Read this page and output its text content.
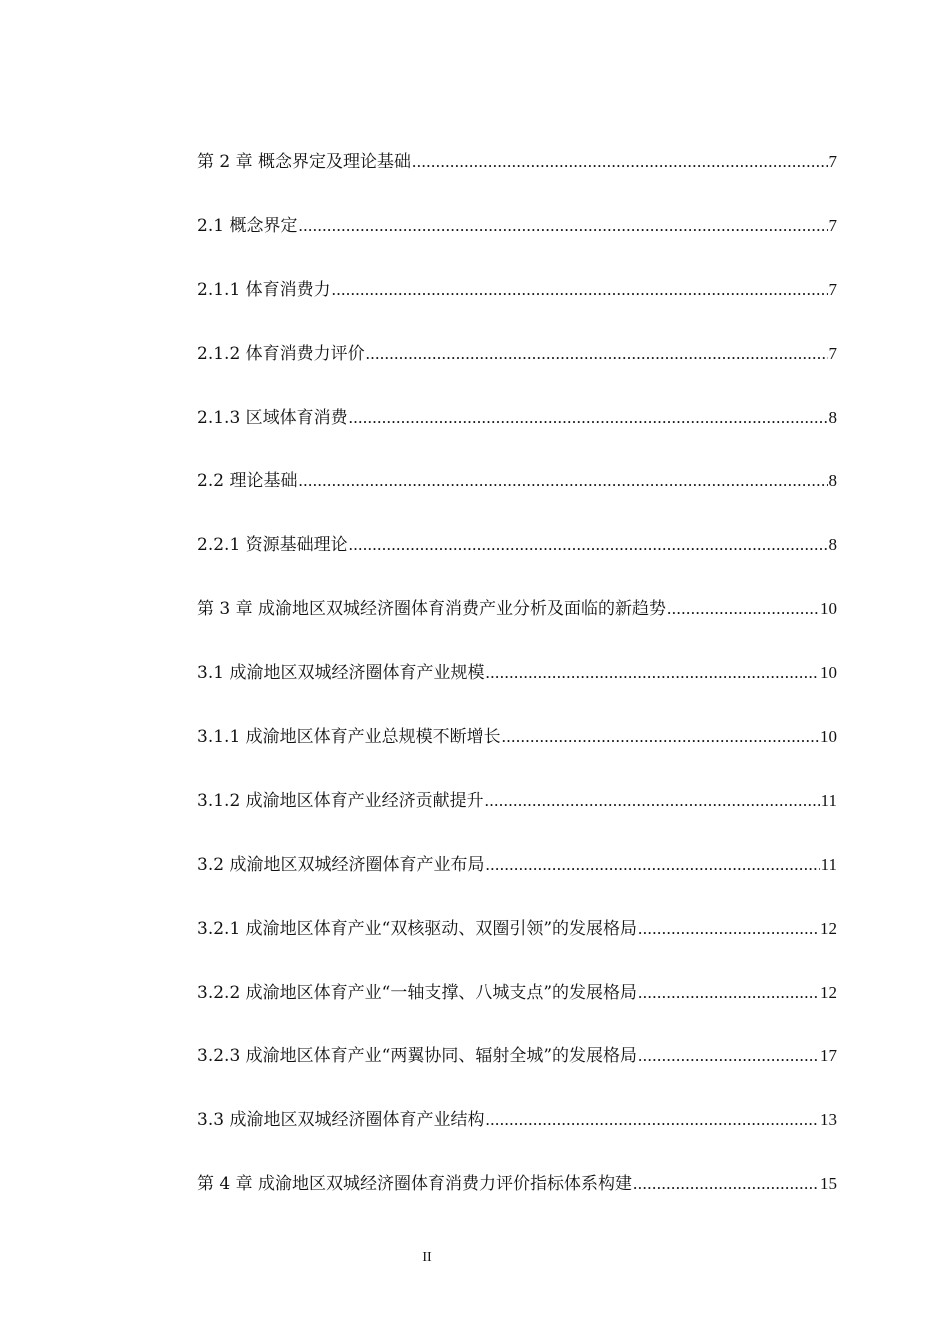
第 2 章 概念界定及理论基础 .....	7
2.1 概念界定 .....	7
2.1.1 体育消费力 .....	7
2.1.2 体育消费力评价 .....	7
2.1.3 区域体育消费 .....	8
2.2 理论基础 .....	8
2.2.1 资源基础理论 .....	8
第 3 章 成渝地区双城经济圈体育消费产业分析及面临的新趋势 .....	10
3.1 成渝地区双城经济圈体育产业规模 .....	10
3.1.1 成渝地区体育产业总规模不断增长 .....	10
3.1.2 成渝地区体育产业经济贡献提升 .....	11
3.2 成渝地区双城经济圈体育产业布局 .....	11
3.2.1 成渝地区体育产业“双核驱动、双圈引领”的发展格局 .....	12
3.2.2 成渝地区体育产业“一轴支撑、八城支点”的发展格局 .....	12
3.2.3 成渝地区体育产业“两翼协同、辐射全城”的发展格局 .....	17
3.3 成渝地区双城经济圈体育产业结构 .....	13
第 4 章 成渝地区双城经济圈体育消费力评价指标体系构建 .....	15
II
